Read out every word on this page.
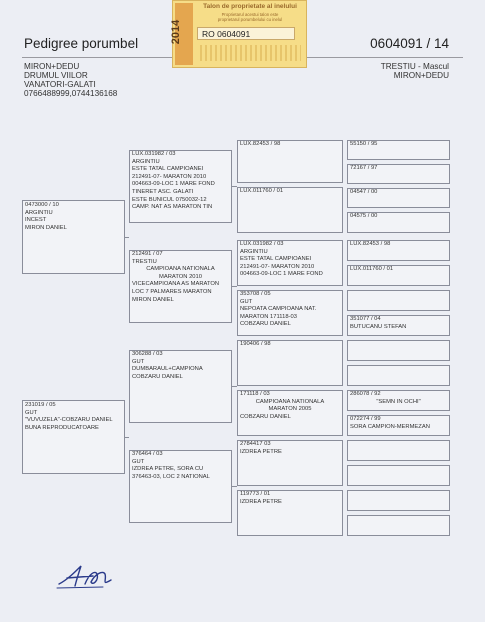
Pedigree porumbel	0604091 / 14
MIRON+DEDU
DRUMUL VIILOR
VANATORI-GALATI
0766488999,0744136168
TRESTIU - Mascul
MIRON+DEDU
2014
Talon de proprietate al inelului
Proprietarul acestui talon este
proprietarul porumbelului cu inelul
RO 0604091
0473000 / 10
ARGINTIU
INCEST
MIRON DANIEL
231019 / 05
GUT
"VUVUZELA"-COBZARU DANIEL
BUNA REPRODUCATOARE
LUX.031982 / 03
ARGINTIU
ESTE TATAL CAMPIOANEI
212491-07- MARATON 2010
004663-09-LOC 1 MARE FOND
TINERET ASC. GALATI
ESTE BUNICUL 0750032-12
CAMP. NAT AS MARATON TIN
212491 / 07
TRESTIU
CAMPIOANA NATIONALA
MARATON 2010
VICECAMPIOANA AS MARATON
LOC 7 PALMARES MARATON
MIRON DANIEL
306288 / 03
GUT
DUMBARAUL+CAMPIONA
COBZARU DANIEL
376464 / 03
GUT
IZDREA PETRE, SORA CU
376463-03, LOC 2 NATIONAL
LUX.82453 / 98
LUX.011760 / 01
LUX.031982 / 03
ARGINTIU
ESTE TATAL CAMPIOANEI
212491-07- MARATON 2010
004663-09-LOC 1 MARE FOND
353708 / 05
GUT
NEPOATA CAMPIOANA NAT.
MARATON 171118-03
COBZARU DANIEL
190406 / 98
171118 / 03
CAMPIOANA NATIONALA
MARATON 2005
COBZARU DANIEL
2784417 03
IZDREA PETRE
119773 / 01
IZDREA PETRE
55150 / 95
72167 / 97
04547 / 00
04575 / 00
LUX.82453 / 98
LUX.011760 / 01
351077 / 04
BUTUCANU STEFAN
286078 / 92
"SEMN IN OCHI"
072274 / 99
SORA CAMPION-MERMEZAN
